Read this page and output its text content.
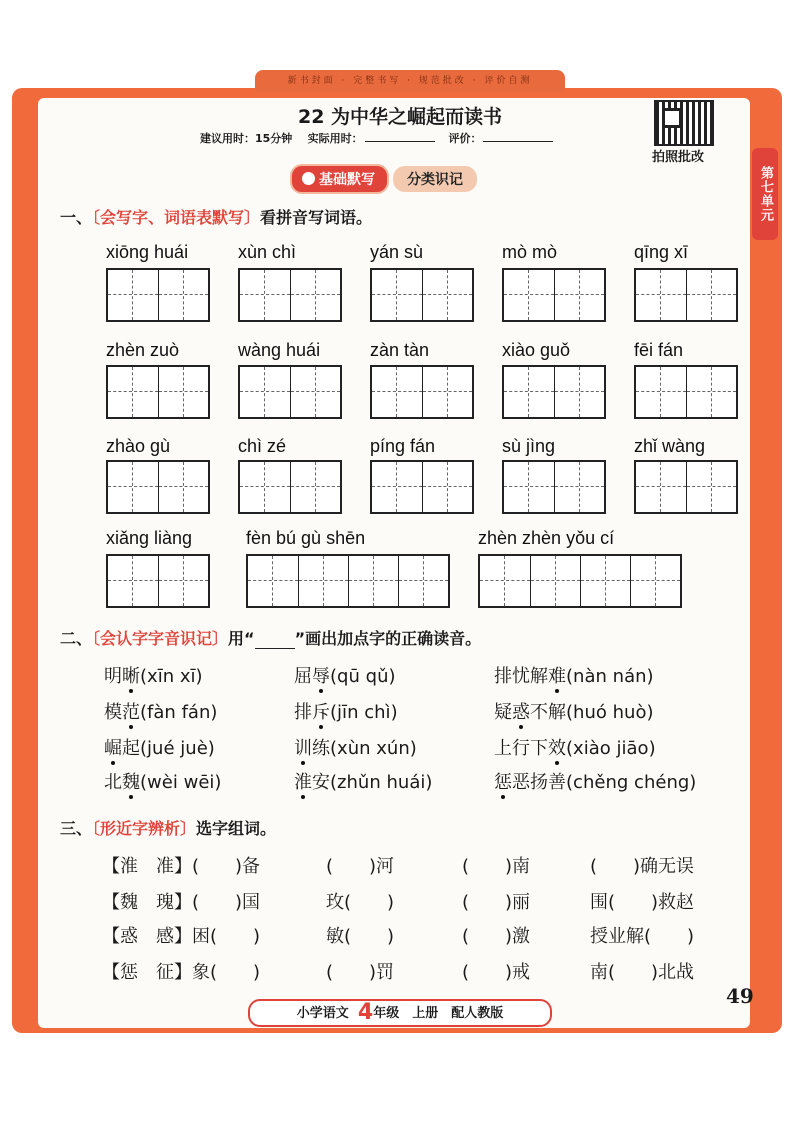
新书封面 · 完整书写 · 规范批改 · 评价自测
第七单元
22 为中华之崛起而读书
建议用时：15分钟 实际用时：	评价：
拍照批改
基础默写	分类识记
一、〔会写字、词语表默写〕看拼音写词语。
xiōng huái	xùn chì	yán sù	mò mò	qīng xī
zhèn zuò	wàng huái	zàn tàn	xiào guǒ	fēi fán
zhào gù	chì zé	píng fán	sù jìng	zhǐ wàng
xiǎng liàng	fèn bú gù shēn	zhèn zhèn yǒu cí
二、〔会认字字音识记〕用“	”画出加点字的正确读音。
明晰(xīn xī)	屈辱(qū qǔ)	排忧解难(nàn nán)
模范(fàn fán)	排斥(jīn chì)	疑惑不解(huó huò)
崛起(jué juè)	训练(xùn xún)	上行下效(xiào jiāo)
北魏(wèi wēi)	淮安(zhǔn huái)	惩恶扬善(chěng chéng)
三、〔形近字辨析〕选字组词。
【淮　准】(　　)备	(　　)河	(　　)南	(　　)确无误
【魏　瑰】(　　)国	玫(　　)	(　　)丽	围(　　)救赵
【惑　感】困(　　)	敏(　　)	(　　)激	授业解(　　)
【惩　征】象(　　)	(　　)罚	(　　)戒	南(　　)北战
小学语文 4年级　上册　配人教版
49
